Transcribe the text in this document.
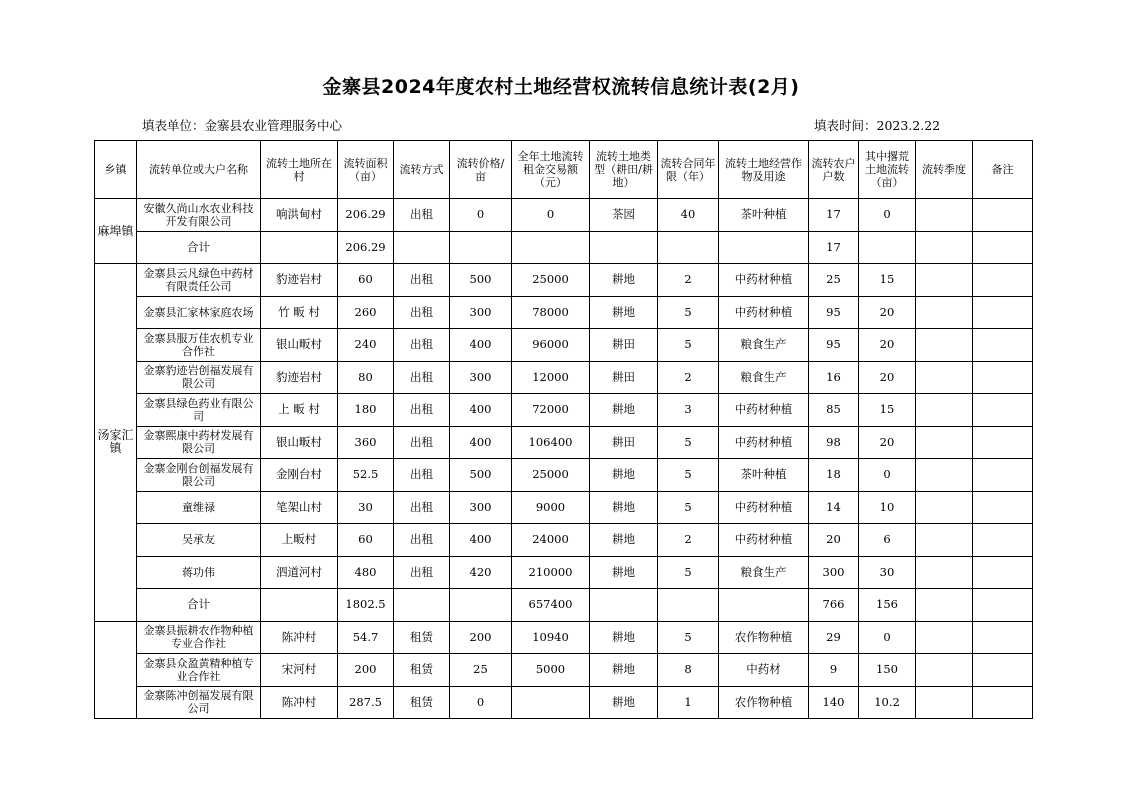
金寨县2024年度农村土地经营权流转信息统计表(2月)
填表单位：金寨县农业管理服务中心	填表时间：2023.2.22
乡镇	流转单位或大户名称	流转土地所在村	流转面积（亩）	流转方式	流转价格/亩	全年土地流转租金交易额（元）	流转土地类型（耕田/耕地）	流转合同年限（年）	流转土地经营作物及用途	流转农户户数	其中撂荒土地流转（亩）	流转季度	备注
麻埠镇	安徽久尚山水农业科技开发有限公司	响洪甸村	206.29	出租	0	0	茶园	40	茶叶种植	17	0		
	合计		206.29							17			
汤家汇镇	金寨县云凡绿色中药材有限责任公司	豹迹岩村	60	出租	500	25000	耕地	2	中药材种植	25	15		
	金寨县汇家林家庭农场	竹 畈 村	260	出租	300	78000	耕地	5	中药材种植	95	20		
	金寨县服万佳农机专业合作社	银山畈村	240	出租	400	96000	耕田	5	粮食生产	95	20		
	金寨豹迹岩创福发展有限公司	豹迹岩村	80	出租	300	12000	耕田	2	粮食生产	16	20		
	金寨县绿色药业有限公司	上 畈 村	180	出租	400	72000	耕地	3	中药材种植	85	15		
	金寨熙康中药材发展有限公司	银山畈村	360	出租	400	106400	耕田	5	中药材种植	98	20		
	金寨金刚台创福发展有限公司	金刚台村	52.5	出租	500	25000	耕地	5	茶叶种植	18	0		
	童维禄	笔架山村	30	出租	300	9000	耕地	5	中药材种植	14	10		
	吴承友	上畈村	60	出租	400	24000	耕地	2	中药材种植	20	6		
	蒋功伟	泗道河村	480	出租	420	210000	耕地	5	粮食生产	300	30		
	合计		1802.5			657400				766	156		
	金寨县振耕农作物种植专业合作社	陈冲村	54.7	租赁	200	10940	耕地	5	农作物种植	29	0		
	金寨县众盈黄精种植专业合作社	宋河村	200	租赁	25	5000	耕地	8	中药材	9	150		
	金寨陈冲创福发展有限公司	陈冲村	287.5	租赁	0		耕地	1	农作物种植	140	10.2		
